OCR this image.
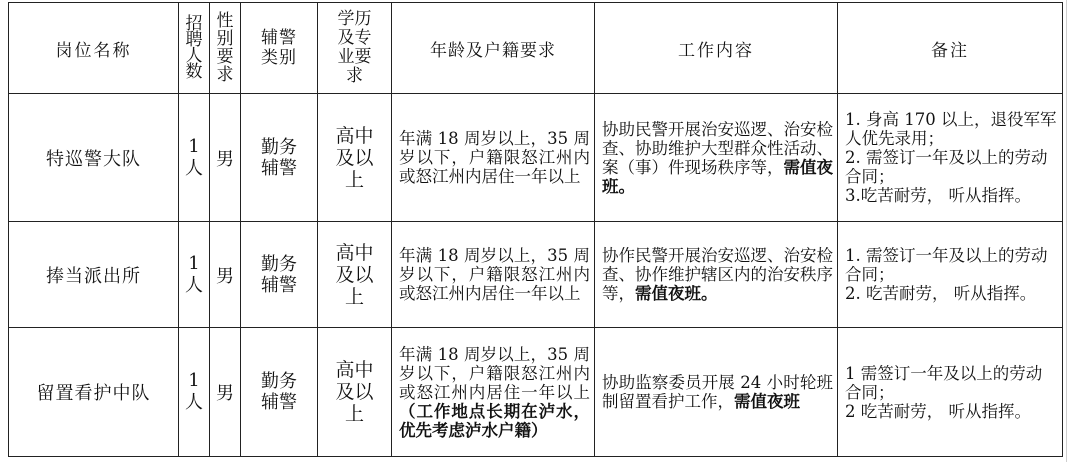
岗位名称	招
聘
人
数	性
别
要
求	辅警
类别	学历
及专
业要
求	年龄及户籍要求	工作内容	备注
特巡警大队	1
人	男	勤务
辅警	高中
及以
上	年满 18 周岁以上，35 周岁以下，户籍限怒江州内或怒江州内居住一年以上	协助民警开展治安巡逻、治安检查、协助维护大型群众性活动、案（事）件现场秩序等，需值夜班。	1. 身高 170 以上，退役军军人优先录用；
2. 需签订一年及以上的劳动合同；
3.吃苦耐劳， 听从指挥。

捧当派出所	1
人	男	勤务
辅警	高中
及以
上	年满 18 周岁以上，35 周岁以下，户籍限怒江州内或怒江州内居住一年以上	协作民警开展治安巡逻、治安检查、协作维护辖区内的治安秩序等，需值夜班。	1. 需签订一年及以上的劳动合同；
2. 吃苦耐劳， 听从指挥。

留置看护中队	1
人	男	勤务
辅警	高中
及以
上	年满 18 周岁以上，35 周岁以下，户籍限怒江州内或怒江州内居住一年以上（工作地点长期在泸水，优先考虑泸水户籍）	协助监察委员开展 24 小时轮班制留置看护工作，需值夜班	1 需签订一年及以上的劳动合同；
2 吃苦耐劳， 听从指挥。
